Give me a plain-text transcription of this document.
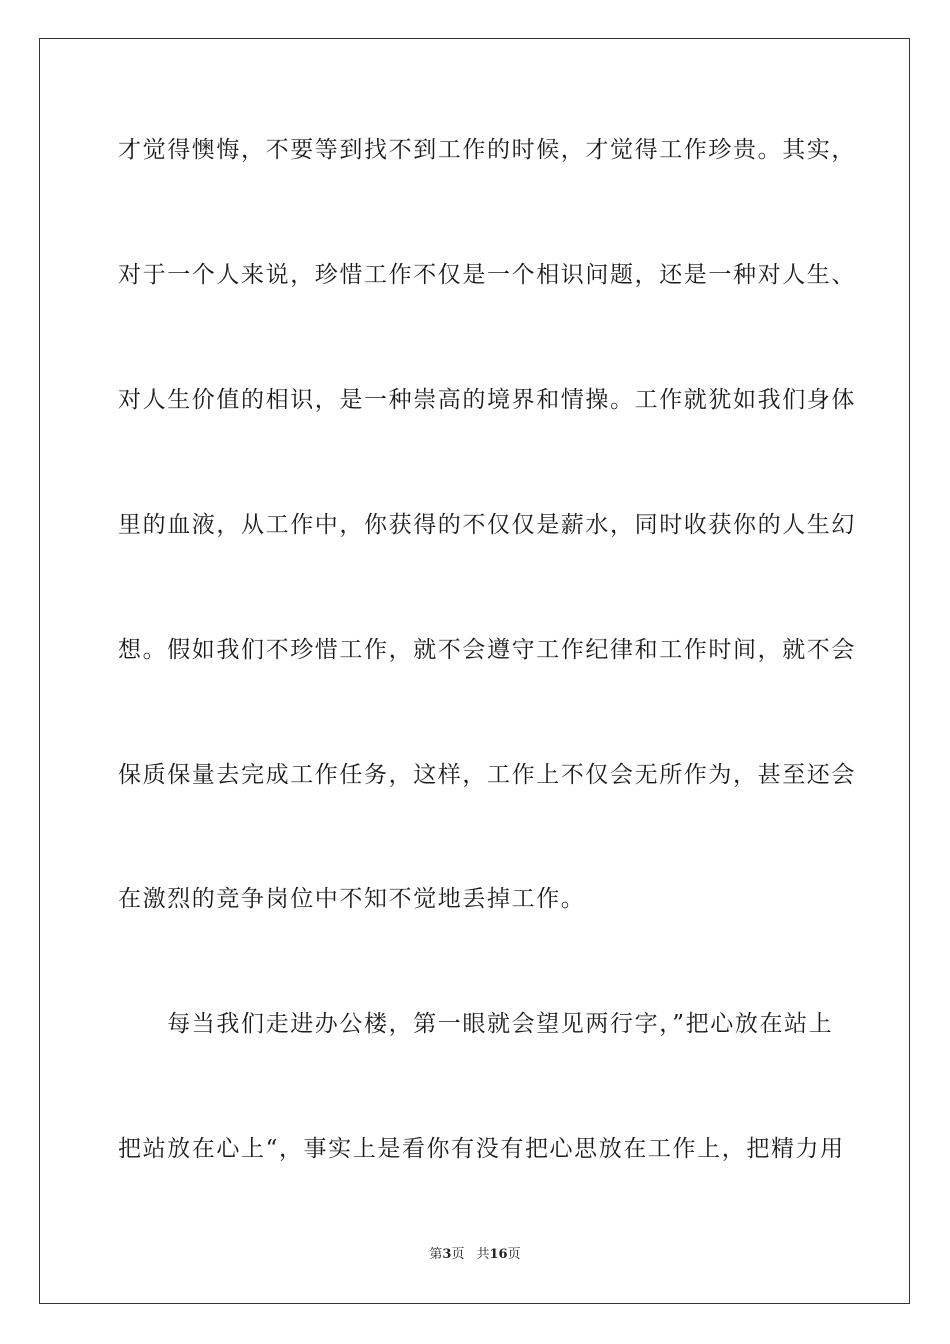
才觉得懊悔，不要等到找不到工作的时候，才觉得工作珍贵。其实，
对于一个人来说，珍惜工作不仅是一个相识问题，还是一种对人生、
对人生价值的相识，是一种崇高的境界和情操。工作就犹如我们身体
里的血液，从工作中，你获得的不仅仅是薪水，同时收获你的人生幻
想。假如我们不珍惜工作，就不会遵守工作纪律和工作时间，就不会
保质保量去完成工作任务，这样，工作上不仅会无所作为，甚至还会
在激烈的竞争岗位中不知不觉地丢掉工作。
　　每当我们走进办公楼，第一眼就会望见两行字，”把心放在站上
把站放在心上“，事实上是看你有没有把心思放在工作上，把精力用
第3页 共16页
